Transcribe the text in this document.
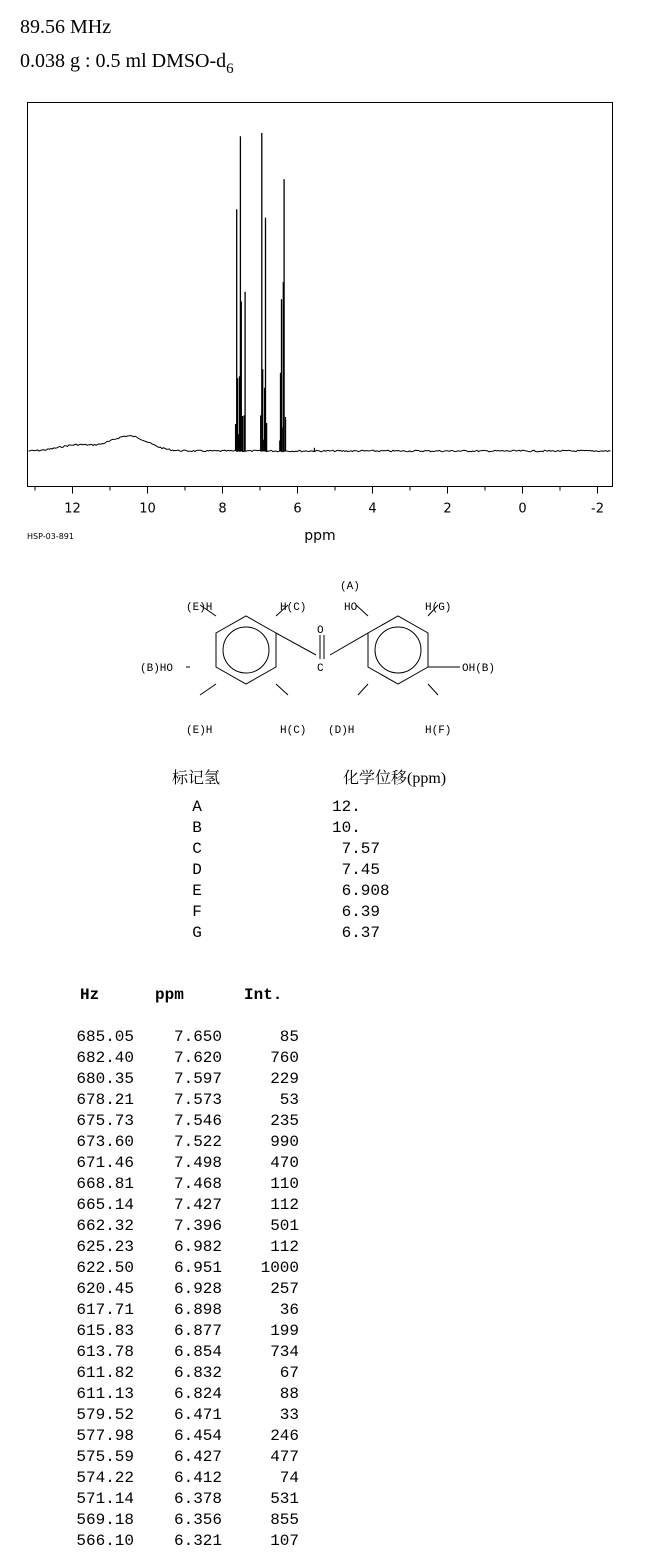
89.56 MHz
0.038 g : 0.5 ml DMSO-$d_6$
12	10	8	6	4	2	0	-2
ppm
HSP-03-891
(A)
HO	H(G)
(E)H	H(C)
O
(B)HO	C	OH(B)
(E)H	H(C) (D)H	H(F)
标记氢	化学位移(ppm)
A	12.
B	10.
C	7.57
D	7.45
E	6.908
F	6.39
G	6.37
Hz	ppm	Int.
685.05	7.650	85
682.40	7.620	760
680.35	7.597	229
678.21	7.573	53
675.73	7.546	235
673.60	7.522	990
671.46	7.498	470
668.81	7.468	110
665.14	7.427	112
662.32	7.396	501
625.23	6.982	112
622.50	6.951	1000
620.45	6.928	257
617.71	6.898	36
615.83	6.877	199
613.78	6.854	734
611.82	6.832	67
611.13	6.824	88
579.52	6.471	33
577.98	6.454	246
575.59	6.427	477
574.22	6.412	74
571.14	6.378	531
569.18	6.356	855
566.10	6.321	107
